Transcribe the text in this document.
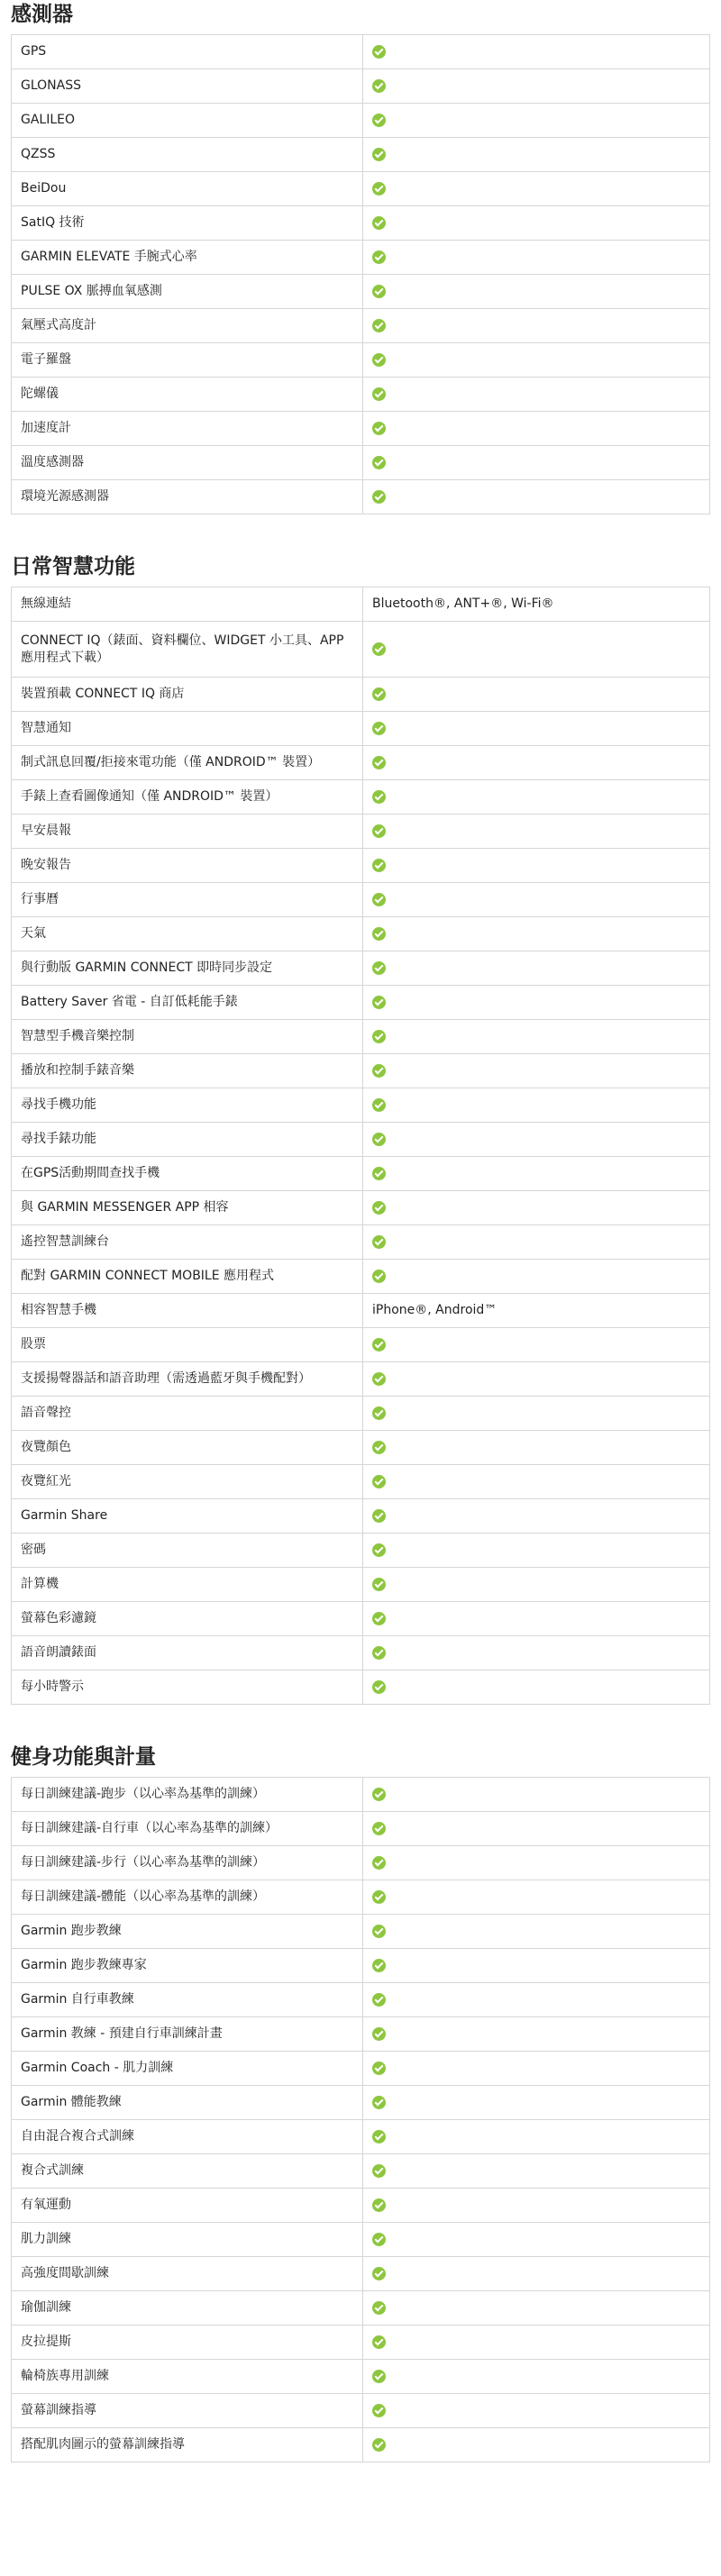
感測器
GPS	
GLONASS	
GALILEO	
QZSS	
BeiDou	
SatIQ 技術	
GARMIN ELEVATE 手腕式心率	
PULSE OX 脈搏血氧感測	
氣壓式高度計	
電子羅盤	
陀螺儀	
加速度計	
溫度感測器	
環境光源感測器	
日常智慧功能
無線連結	Bluetooth®, ANT+®, Wi-Fi®
CONNECT IQ（錶面、資料欄位、WIDGET 小工具、APP 應用程式下載）	
裝置預載 CONNECT IQ 商店	
智慧通知	
制式訊息回覆/拒接來電功能（僅 ANDROID™ 裝置）	
手錶上查看圖像通知（僅 ANDROID™ 裝置）	
早安晨報	
晚安報告	
行事曆	
天氣	
與行動版 GARMIN CONNECT 即時同步設定	
Battery Saver 省電 - 自訂低耗能手錶	
智慧型手機音樂控制	
播放和控制手錶音樂	
尋找手機功能	
尋找手錶功能	
在GPS活動期間查找手機	
與 GARMIN MESSENGER APP 相容	
遙控智慧訓練台	
配對 GARMIN CONNECT MOBILE 應用程式	
相容智慧手機	iPhone®, Android™
股票	
支援揚聲器話和語音助理（需透過藍牙與手機配對）	
語音聲控	
夜覽顏色	
夜覽紅光	
Garmin Share	
密碼	
計算機	
螢幕色彩濾鏡	
語音朗讀錶面	
每小時警示	
健身功能與計量
每日訓練建議-跑步（以心率為基準的訓練）	
每日訓練建議-自行車（以心率為基準的訓練）	
每日訓練建議-步行（以心率為基準的訓練）	
每日訓練建議-體能（以心率為基準的訓練）	
Garmin 跑步教練	
Garmin 跑步教練專家	
Garmin 自行車教練	
Garmin 教練 - 預建自行車訓練計畫	
Garmin Coach - 肌力訓練	
Garmin 體能教練	
自由混合複合式訓練	
複合式訓練	
有氧運動	
肌力訓練	
高強度間歇訓練	
瑜伽訓練	
皮拉提斯	
輪椅族專用訓練	
螢幕訓練指導	
搭配肌肉圖示的螢幕訓練指導	
